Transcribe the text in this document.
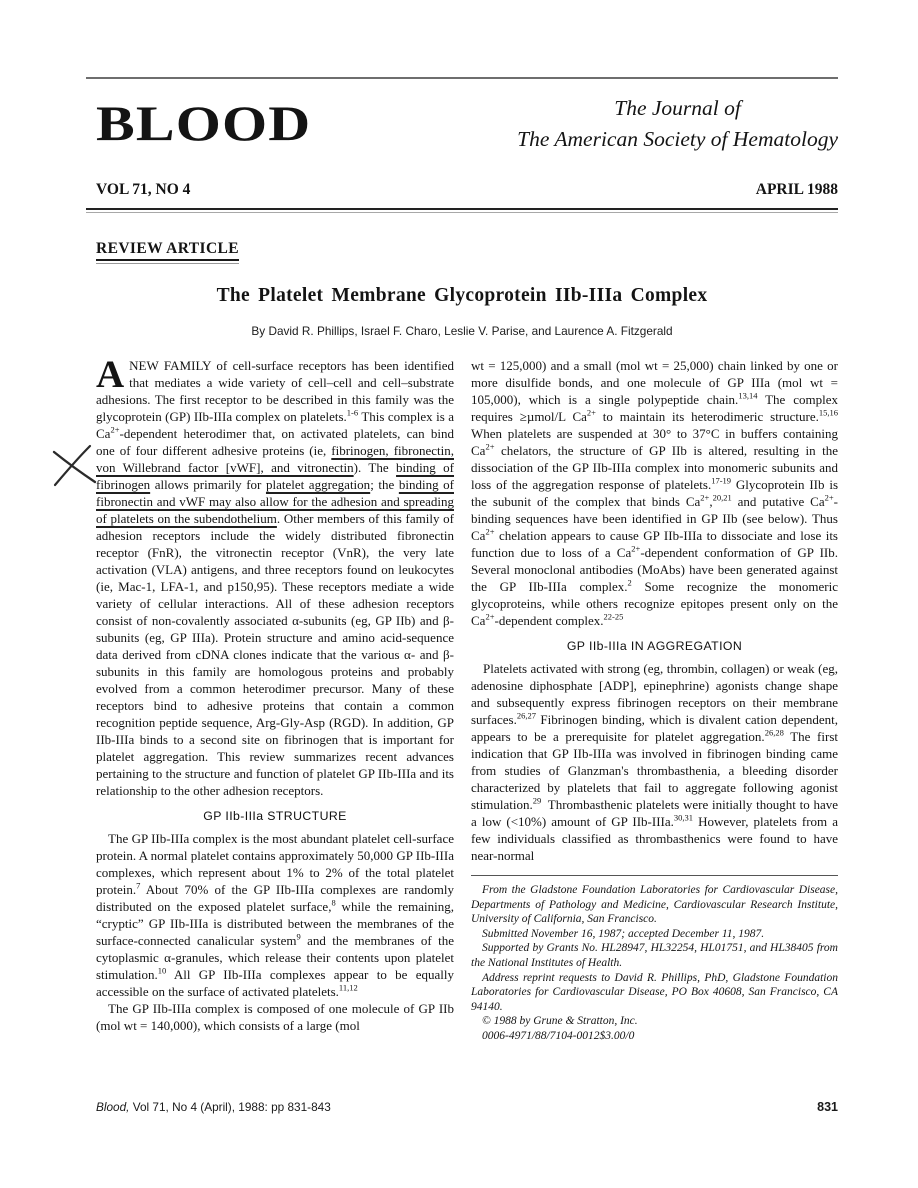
BLOOD	The Journal of
The American Society of Hematology
VOL 71, NO 4	APRIL 1988
REVIEW ARTICLE
The Platelet Membrane Glycoprotein IIb-IIIa Complex
By David R. Phillips, Israel F. Charo, Leslie V. Parise, and Laurence A. Fitzgerald

ANEW FAMILY of cell-surface receptors has been identified that mediates a wide variety of cell–cell and cell–substrate adhesions. The first receptor to be described in this family was the glycoprotein (GP) IIb-IIIa complex on platelets.$^{1-6}$ This complex is a $Ca^{2+}$-dependent heterodimer that, on activated platelets, can bind one of four different adhesive proteins (ie, fibrinogen, fibronectin, von Willebrand factor [vWF], and vitronectin). The binding of fibrinogen allows primarily for platelet aggregation; the binding of fibronectin and vWF may also allow for the adhesion and spreading of platelets on the subendothelium. Other members of this family of adhesion receptors include the widely distributed fibronectin receptor (FnR), the vitronectin receptor (VnR), the very late activation (VLA) antigens, and three receptors found on leukocytes (ie, Mac-1, LFA-1, and p150,95). These receptors mediate a wide variety of cellular interactions. All of these adhesion receptors consist of non-covalently associated α-subunits (eg, GP IIb) and β-subunits (eg, GP IIIa). Protein structure and amino acid-sequence data derived from cDNA clones indicate that the various α- and β-subunits in this family are homologous proteins and probably evolved from a common heterodimer precursor. Many of these receptors bind to adhesive proteins that contain a common recognition peptide sequence, Arg-Gly-Asp (RGD). In addition, GP IIb-IIIa binds to a second site on fibrinogen that is important for platelet aggregation. This review summarizes recent advances pertaining to the structure and function of platelet GP IIb-IIIa and its relationship to the other adhesion receptors.

GP IIb-IIIa STRUCTURE

The GP IIb-IIIa complex is the most abundant platelet cell-surface protein. A normal platelet contains approximately 50,000 GP IIb-IIIa complexes, which represent about 1% to 2% of the total platelet protein.$^7$ About 70% of the GP IIb-IIIa complexes are randomly distributed on the exposed platelet surface,$^8$ while the remaining, “cryptic” GP IIb-IIIa is distributed between the membranes of the surface-connected canalicular system$^9$ and the membranes of the cytoplasmic α-granules, which release their contents upon platelet stimulation.$^{10}$ All GP IIb-IIIa complexes appear to be equally accessible on the surface of activated platelets.$^{11,12}$

The GP IIb-IIIa complex is composed of one molecule of GP IIb (mol wt = 140,000), which consists of a large (mol

wt = 125,000) and a small (mol wt = 25,000) chain linked by one or more disulfide bonds, and one molecule of GP IIIa (mol wt = 105,000), which is a single polypeptide chain.$^{13,14}$ The complex requires ≥µmol/L $Ca^{2+}$ to maintain its heterodimeric structure.$^{15,16}$ When platelets are suspended at 30° to 37°C in buffers containing $Ca^{2+}$ chelators, the structure of GP IIb is altered, resulting in the dissociation of the GP IIb-IIIa complex into monomeric subunits and loss of the aggregation response of platelets.$^{17-19}$ Glycoprotein IIb is the subunit of the complex that binds $Ca^{2+},^{20,21}$ and putative $Ca^{2+}$-binding sequences have been identified in GP IIb (see below). Thus $Ca^{2+}$ chelation appears to cause GP IIb-IIIa to dissociate and lose its function due to loss of a $Ca^{2+}$-dependent conformation of GP IIb. Several monoclonal antibodies (MoAbs) have been generated against the GP IIb-IIIa complex.$^2$ Some recognize the monomeric glycoproteins, while others recognize epitopes present only on the $Ca^{2+}$-dependent complex.$^{22-25}$

GP IIb-IIIa IN AGGREGATION

Platelets activated with strong (eg, thrombin, collagen) or weak (eg, adenosine diphosphate [ADP], epinephrine) agonists change shape and subsequently express fibrinogen receptors on their membrane surfaces.$^{26,27}$ Fibrinogen binding, which is divalent cation dependent, appears to be a prerequisite for platelet aggregation.$^{26,28}$ The first indication that GP IIb-IIIa was involved in fibrinogen binding came from studies of Glanzman's thrombasthenia, a bleeding disorder characterized by platelets that fail to aggregate following agonist stimulation.$^{29}$ Thrombasthenic platelets were initially thought to have a low (<10%) amount of GP IIb-IIIa.$^{30,31}$ However, platelets from a few individuals classified as thrombasthenics were found to have near-normal

From the Gladstone Foundation Laboratories for Cardiovascular Disease, Departments of Pathology and Medicine, Cardiovascular Research Institute, University of California, San Francisco.

Submitted November 16, 1987; accepted December 11, 1987.

Supported by Grants No. HL28947, HL32254, HL01751, and HL38405 from the National Institutes of Health.

Address reprint requests to David R. Phillips, PhD, Gladstone Foundation Laboratories for Cardiovascular Disease, PO Box 40608, San Francisco, CA 94140.

© 1988 by Grune & Stratton, Inc.

0006-4971/88/7104-0012$3.00/0

Blood, Vol 71, No 4 (April), 1988: pp 831-843	831
